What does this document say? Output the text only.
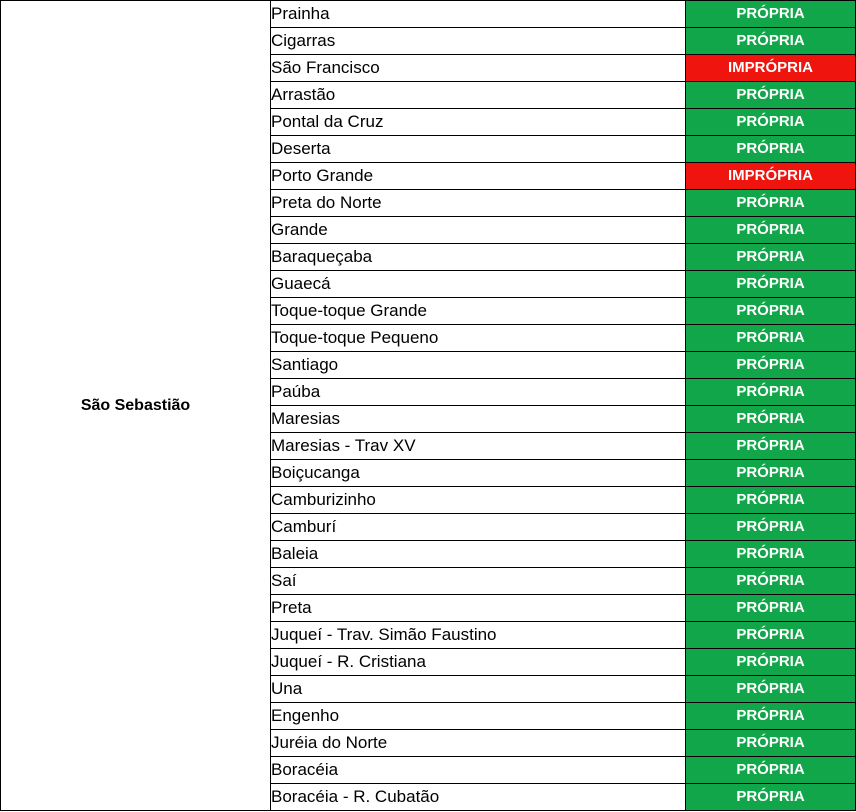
São Sebastião	Prainha	PRÓPRIA
	Cigarras	PRÓPRIA
	São Francisco	IMPRÓPRIA
	Arrastão	PRÓPRIA
	Pontal da Cruz	PRÓPRIA
	Deserta	PRÓPRIA
	Porto Grande	IMPRÓPRIA
	Preta do Norte	PRÓPRIA
	Grande	PRÓPRIA
	Baraqueçaba	PRÓPRIA
	Guaecá	PRÓPRIA
	Toque-toque Grande	PRÓPRIA
	Toque-toque Pequeno	PRÓPRIA
	Santiago	PRÓPRIA
	Paúba	PRÓPRIA
	Maresias	PRÓPRIA
	Maresias - Trav XV	PRÓPRIA
	Boiçucanga	PRÓPRIA
	Camburizinho	PRÓPRIA
	Camburí	PRÓPRIA
	Baleia	PRÓPRIA
	Saí	PRÓPRIA
	Preta	PRÓPRIA
	Juqueí - Trav. Simão Faustino	PRÓPRIA
	Juqueí - R. Cristiana	PRÓPRIA
	Una	PRÓPRIA
	Engenho	PRÓPRIA
	Juréia do Norte	PRÓPRIA
	Boracéia	PRÓPRIA
	Boracéia - R. Cubatão	PRÓPRIA
